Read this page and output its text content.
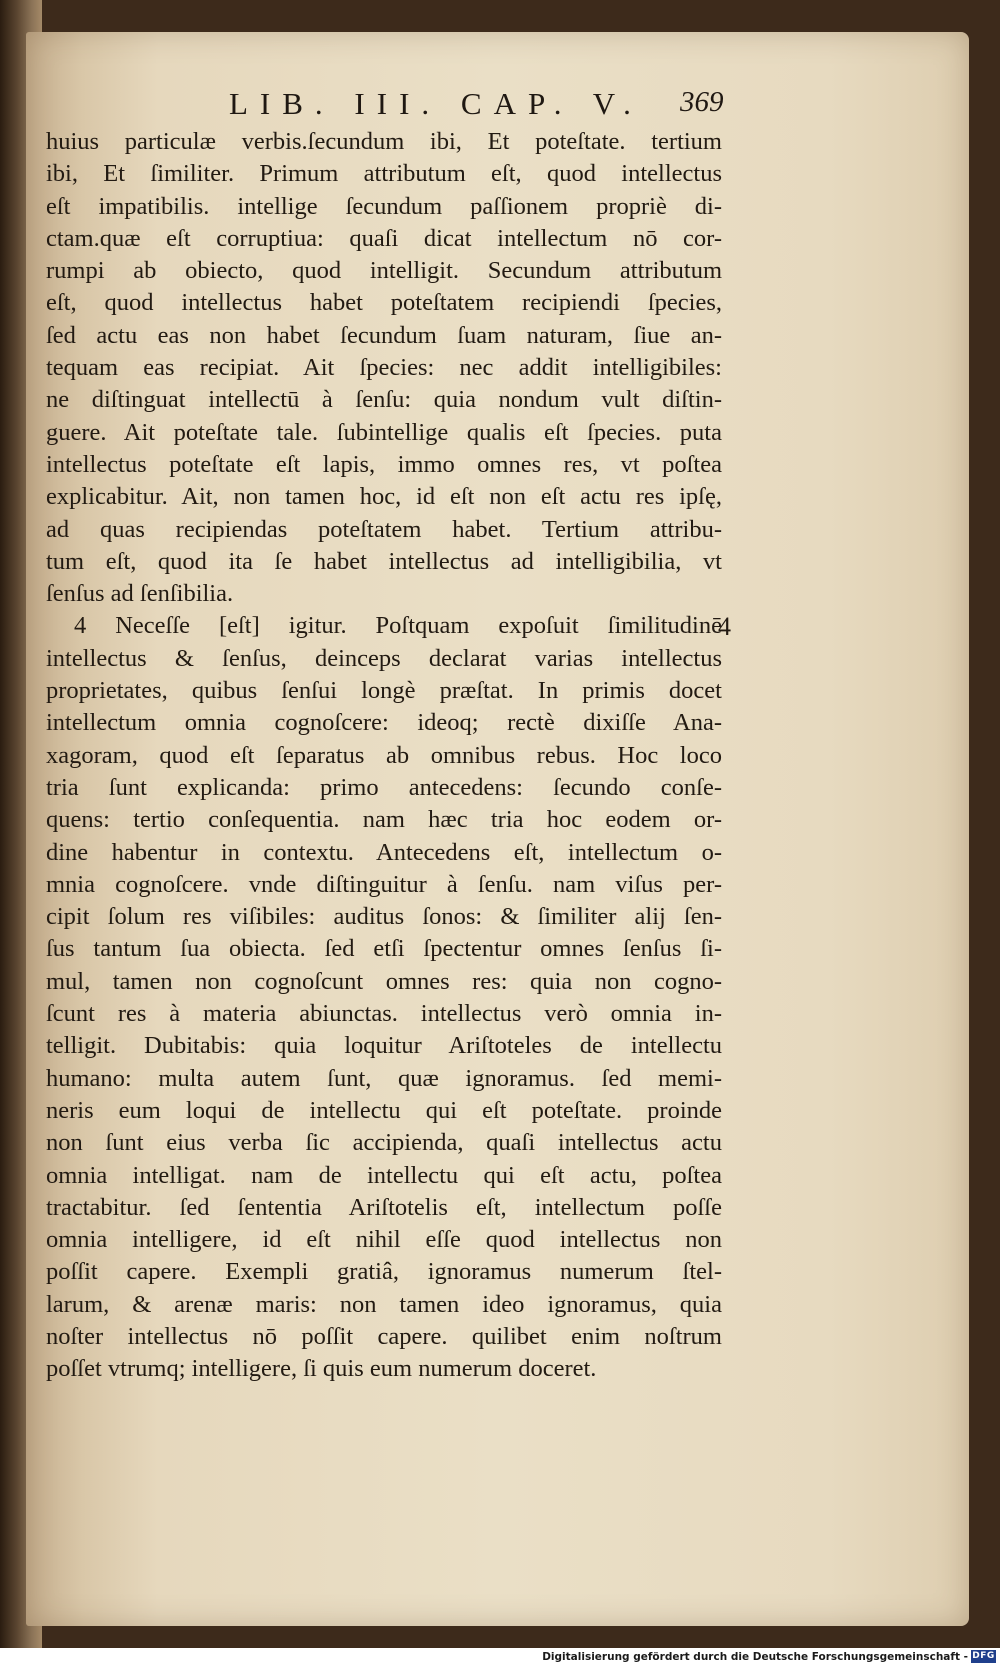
LIB. III. CAP. V. 369
4
huius particulæ verbis.ſecundum ibi, Et poteſtate. tertium
ibi, Et ſimiliter. Primum attributum eſt, quod intellectus
eſt impatibilis. intellige ſecundum paſſionem propriè di-
ctam.quæ eſt corruptiua: quaſi dicat intellectum nō cor-
rumpi ab obiecto, quod intelligit. Secundum attributum
eſt, quod intellectus habet poteſtatem recipiendi ſpecies,
ſed actu eas non habet ſecundum ſuam naturam, ſiue an-
tequam eas recipiat. Ait ſpecies: nec addit intelligibiles:
ne diſtinguat intellectū à ſenſu: quia nondum vult diſtin-
guere. Ait poteſtate tale. ſubintellige qualis eſt ſpecies. puta
intellectus poteſtate eſt lapis, immo omnes res, vt poſtea
explicabitur. Ait, non tamen hoc, id eſt non eſt actu res ipſę,
ad quas recipiendas poteſtatem habet. Tertium attribu-
tum eſt, quod ita ſe habet intellectus ad intelligibilia, vt
ſenſus ad ſenſibilia.
4 Neceſſe [eſt] igitur. Poſtquam expoſuit ſimilitudinē
intellectus & ſenſus, deinceps declarat varias intellectus
proprietates, quibus ſenſui longè præſtat. In primis docet
intellectum omnia cognoſcere: ideoq; rectè dixiſſe Ana-
xagoram, quod eſt ſeparatus ab omnibus rebus. Hoc loco
tria ſunt explicanda: primo antecedens: ſecundo conſe-
quens: tertio conſequentia. nam hæc tria hoc eodem or-
dine habentur in contextu. Antecedens eſt, intellectum o-
mnia cognoſcere. vnde diſtinguitur à ſenſu. nam viſus per-
cipit ſolum res viſibiles: auditus ſonos: & ſimiliter alij ſen-
ſus tantum ſua obiecta. ſed etſi ſpectentur omnes ſenſus ſi-
mul, tamen non cognoſcunt omnes res: quia non cogno-
ſcunt res à materia abiunctas. intellectus verò omnia in-
telligit. Dubitabis: quia loquitur Ariſtoteles de intellectu
humano: multa autem ſunt, quæ ignoramus. ſed memi-
neris eum loqui de intellectu qui eſt poteſtate. proinde
non ſunt eius verba ſic accipienda, quaſi intellectus actu
omnia intelligat. nam de intellectu qui eſt actu, poſtea
tractabitur. ſed ſententia Ariſtotelis eſt, intellectum poſſe
omnia intelligere, id eſt nihil eſſe quod intellectus non
poſſit capere. Exempli gratiâ, ignoramus numerum ſtel-
larum, & arenæ maris: non tamen ideo ignoramus, quia
noſter intellectus nō poſſit capere. quilibet enim noſtrum
poſſet vtrumq; intelligere, ſi quis eum numerum doceret.
Digitalisierung gefördert durch die Deutsche Forschungsgemeinschaft - DFG
